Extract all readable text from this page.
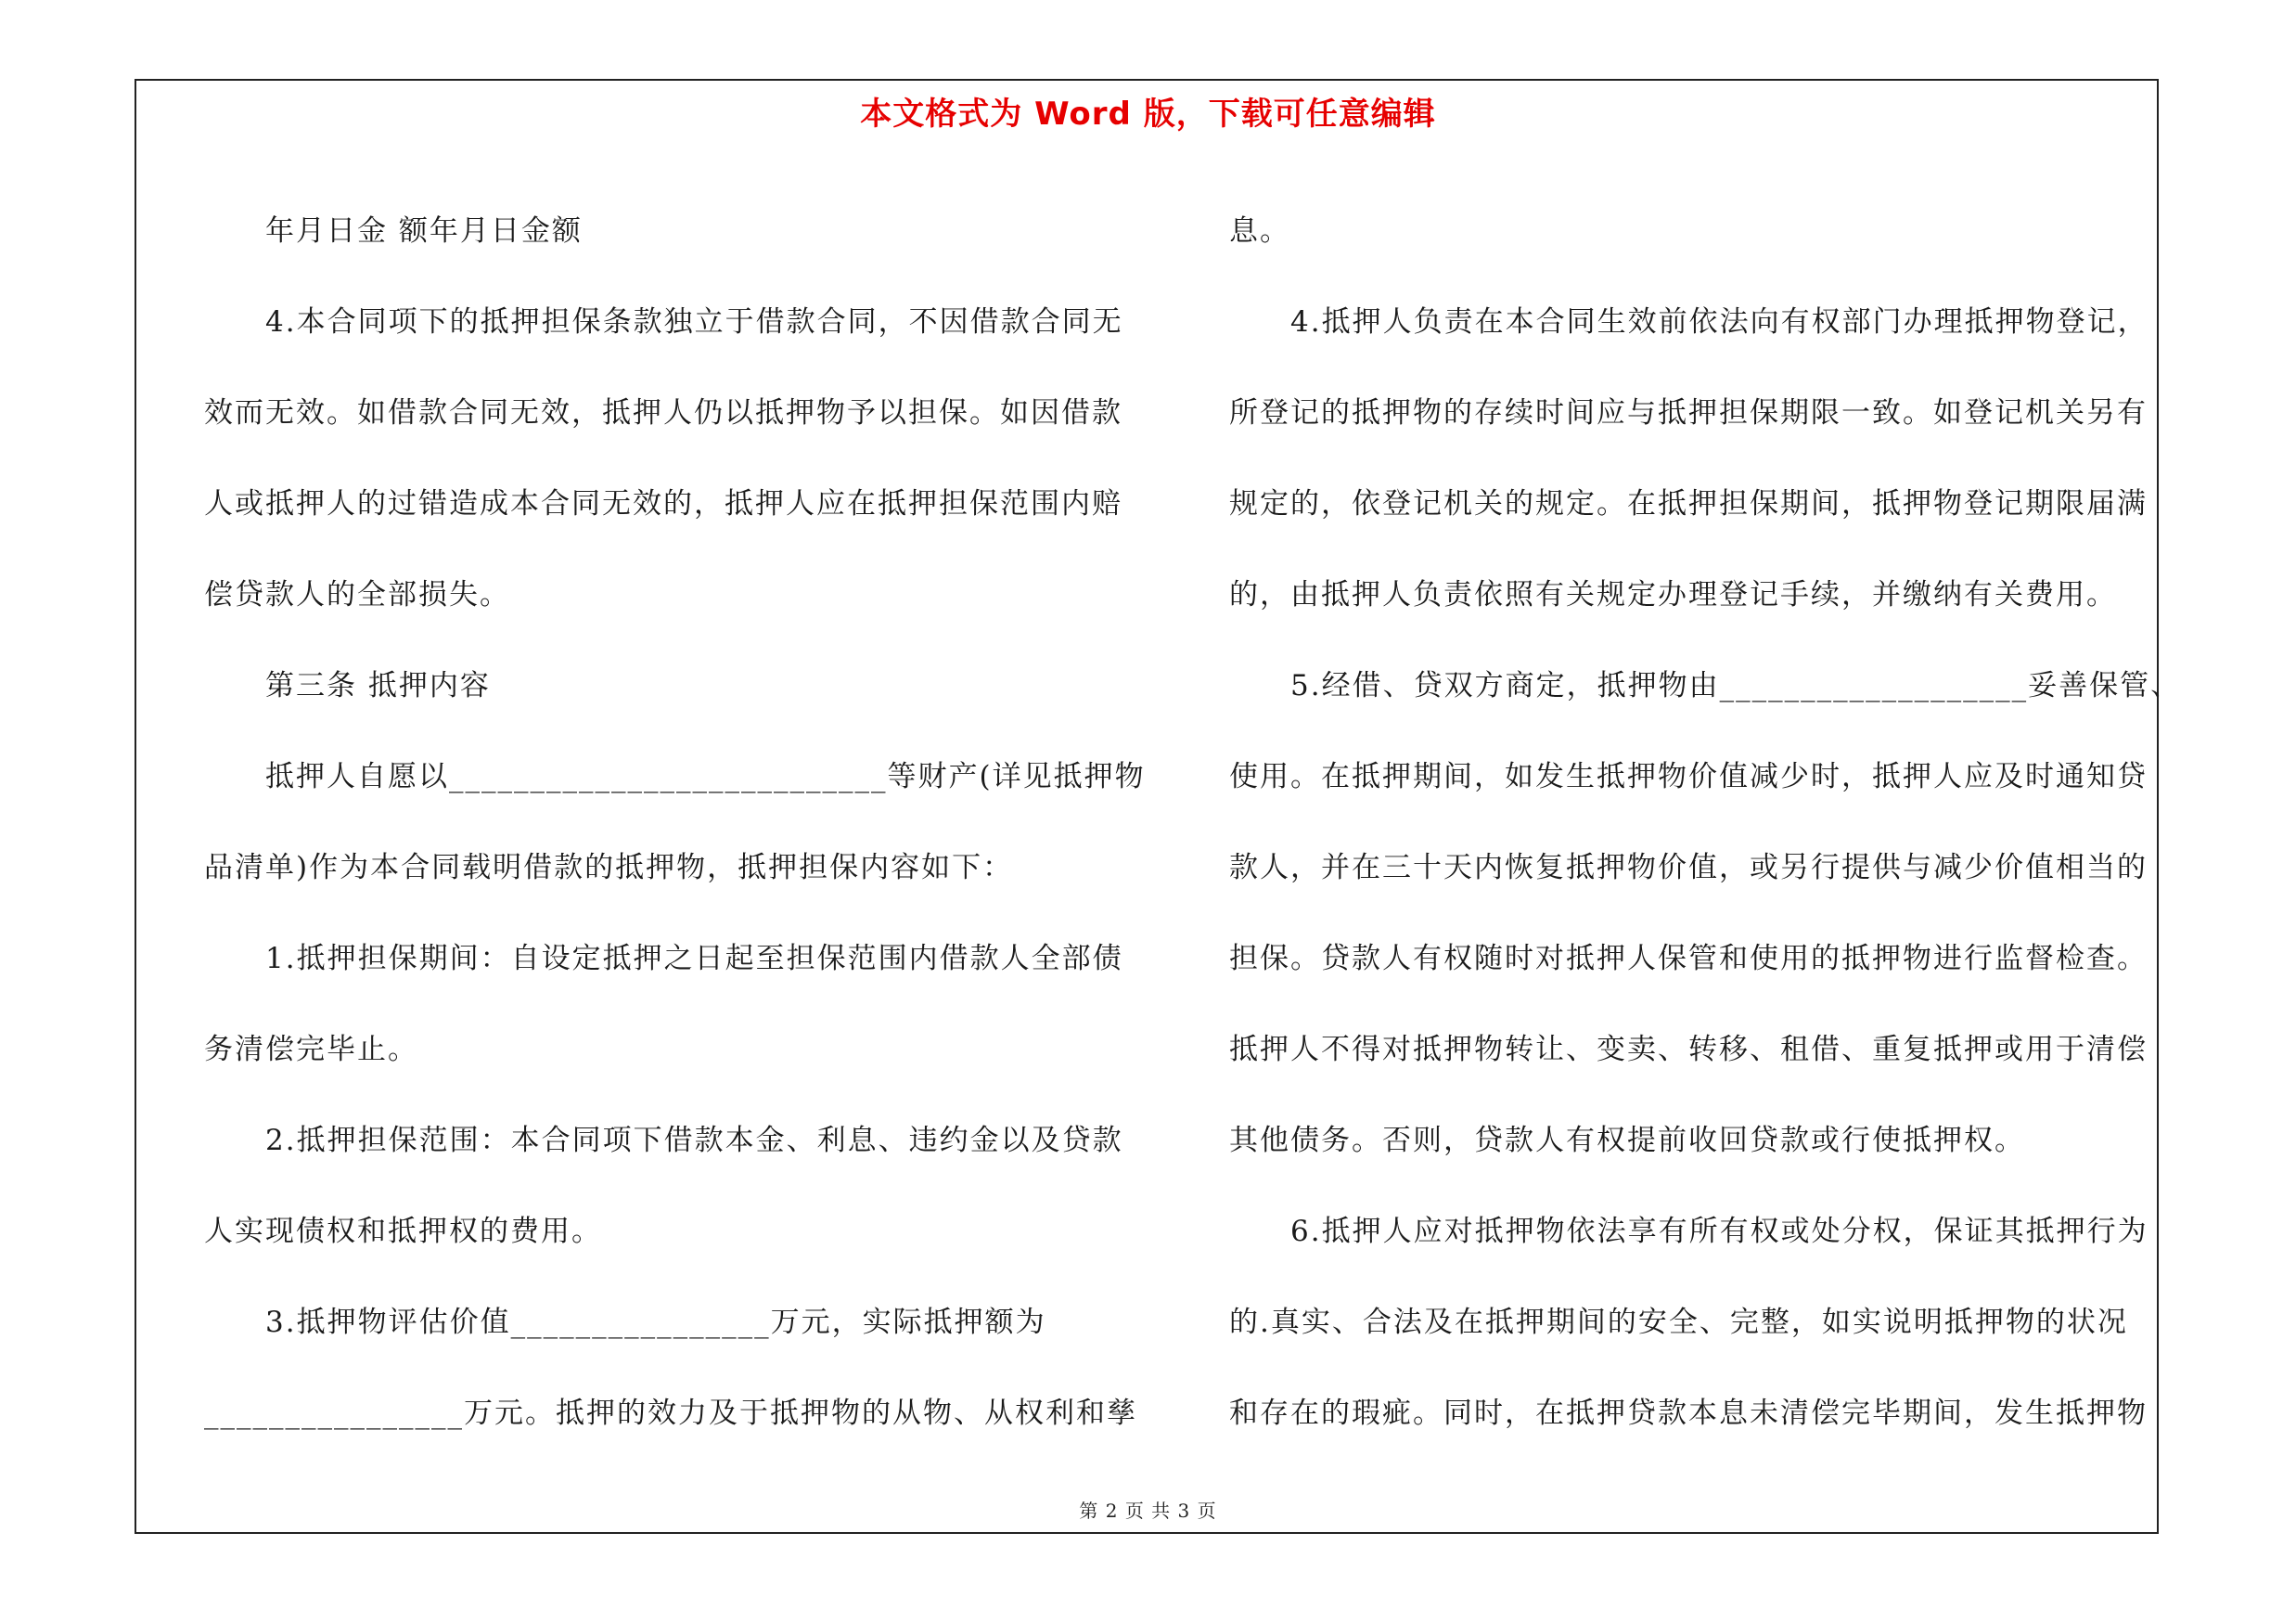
本文格式为 Word 版，下载可任意编辑
　　年月日金 额年月日金额
　　4.本合同项下的抵押担保条款独立于借款合同，不因借款合同无
效而无效。如借款合同无效，抵押人仍以抵押物予以担保。如因借款
人或抵押人的过错造成本合同无效的，抵押人应在抵押担保范围内赔
偿贷款人的全部损失。
　　第三条 抵押内容
　　抵押人自愿以___________________________等财产(详见抵押物
品清单)作为本合同载明借款的抵押物，抵押担保内容如下：
　　1.抵押担保期间：自设定抵押之日起至担保范围内借款人全部债
务清偿完毕止。
　　2.抵押担保范围：本合同项下借款本金、利息、违约金以及贷款
人实现债权和抵押权的费用。
　　3.抵押物评估价值________________万元，实际抵押额为
________________万元。抵押的效力及于抵押物的从物、从权利和孳
息。
　　4.抵押人负责在本合同生效前依法向有权部门办理抵押物登记，
所登记的抵押物的存续时间应与抵押担保期限一致。如登记机关另有
规定的，依登记机关的规定。在抵押担保期间，抵押物登记期限届满
的，由抵押人负责依照有关规定办理登记手续，并缴纳有关费用。
　　5.经借、贷双方商定，抵押物由___________________妥善保管、
使用。在抵押期间，如发生抵押物价值减少时，抵押人应及时通知贷
款人，并在三十天内恢复抵押物价值，或另行提供与减少价值相当的
担保。贷款人有权随时对抵押人保管和使用的抵押物进行监督检查。
抵押人不得对抵押物转让、变卖、转移、租借、重复抵押或用于清偿
其他债务。否则，贷款人有权提前收回贷款或行使抵押权。
　　6.抵押人应对抵押物依法享有所有权或处分权，保证其抵押行为
的.真实、合法及在抵押期间的安全、完整，如实说明抵押物的状况
和存在的瑕疵。同时，在抵押贷款本息未清偿完毕期间，发生抵押物
第 2 页 共 3 页
